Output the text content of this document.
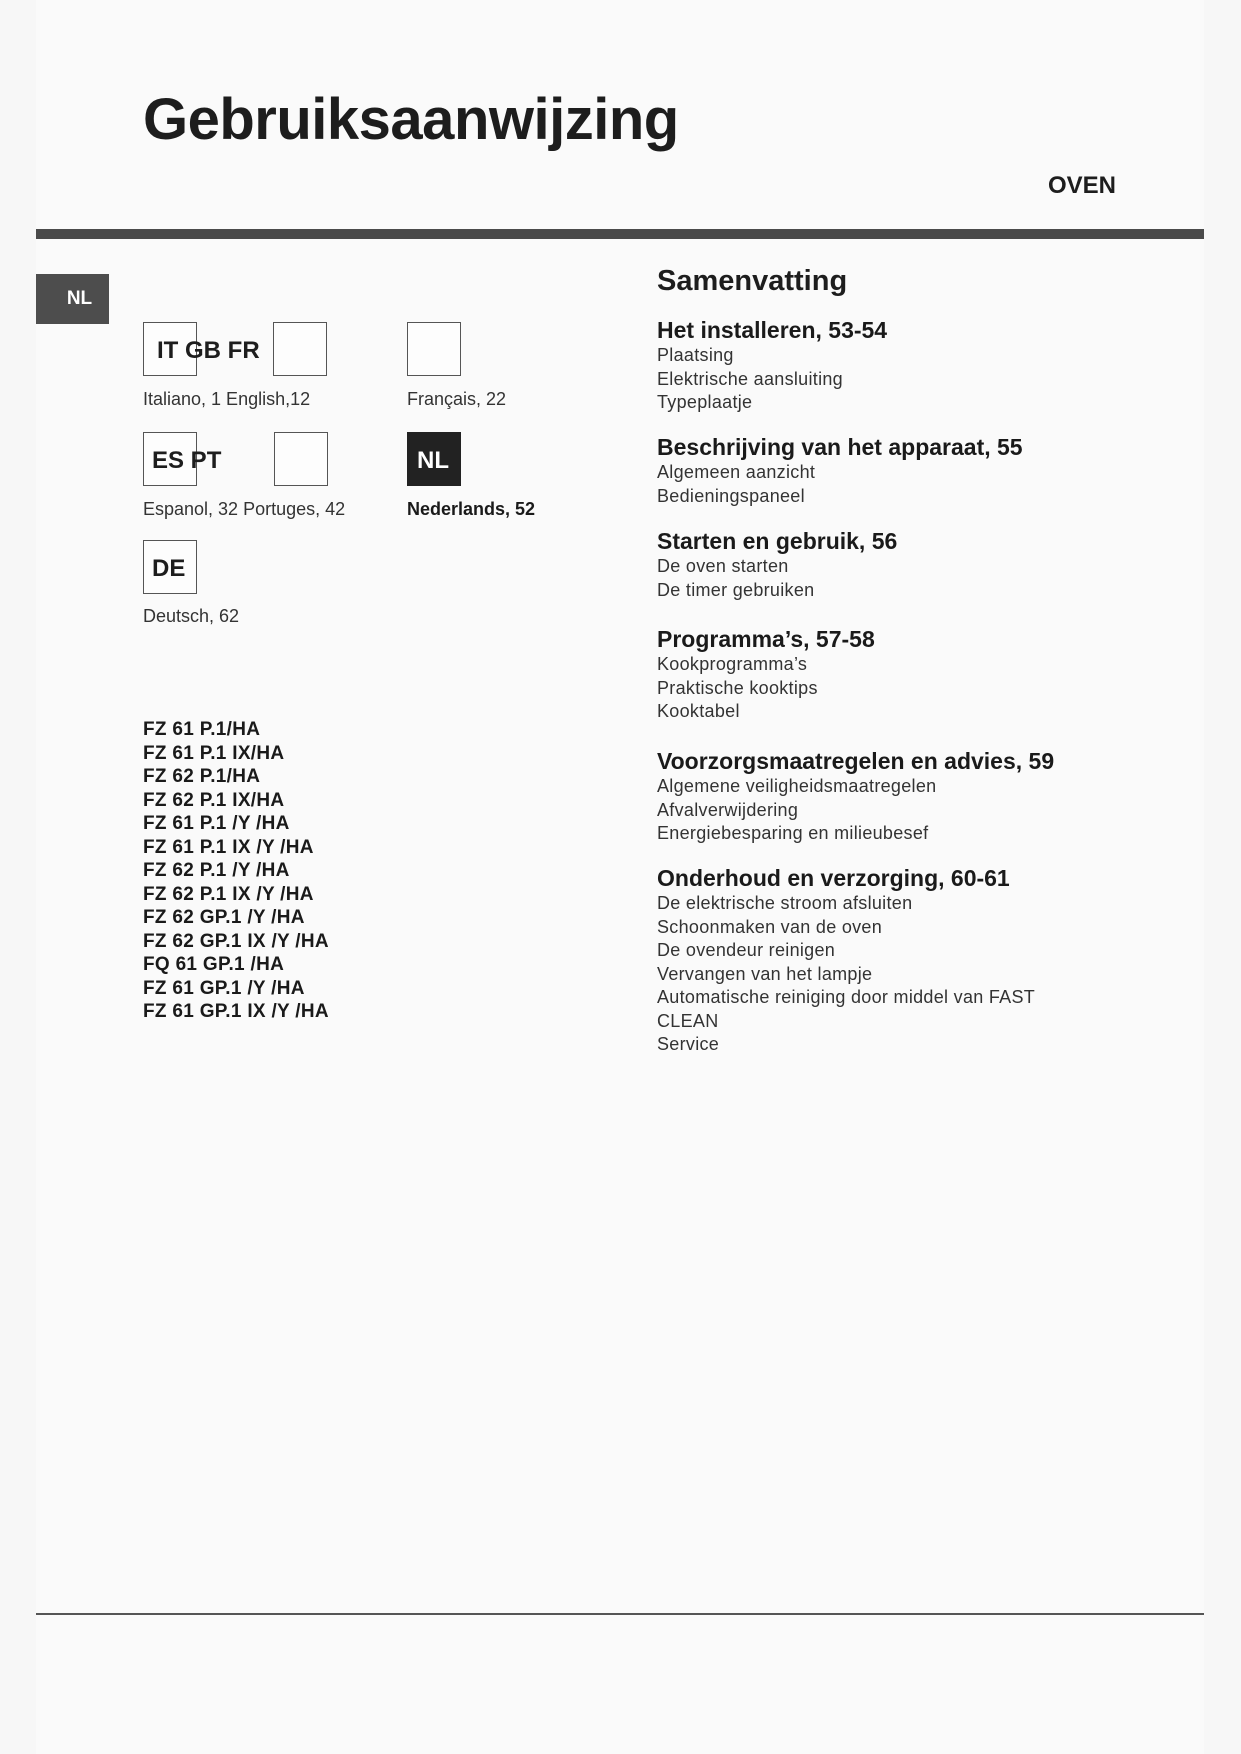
Gebruiksaanwijzing
OVEN
NL
IT GB FR
Italiano, 1 English,12	Français, 22
ES PT	NL
Espanol, 32 Portuges, 42	Nederlands, 52
DE
Deutsch, 62
FZ 61 P.1/HA
FZ 61 P.1 IX/HA
FZ 62 P.1/HA
FZ 62 P.1 IX/HA
FZ 61 P.1 /Y /HA
FZ 61 P.1 IX /Y /HA
FZ 62 P.1 /Y /HA
FZ 62 P.1 IX /Y /HA
FZ 62 GP.1 /Y /HA
FZ 62 GP.1 IX /Y /HA
FQ 61 GP.1 /HA
FZ 61 GP.1 /Y /HA
FZ 61 GP.1 IX /Y /HA
Samenvatting
Het installeren, 53-54
Plaatsing
Elektrische aansluiting
Typeplaatje
Beschrijving van het apparaat, 55
Algemeen aanzicht
Bedieningspaneel
Starten en gebruik, 56
De oven starten
De timer gebruiken
Programma’s, 57-58
Kookprogramma’s
Praktische kooktips
Kooktabel
Voorzorgsmaatregelen en advies, 59
Algemene veiligheidsmaatregelen
Afvalverwijdering
Energiebesparing en milieubesef
Onderhoud en verzorging, 60-61
De elektrische stroom afsluiten
Schoonmaken van de oven
De ovendeur reinigen
Vervangen van het lampje
Automatische reiniging door middel van FAST
CLEAN
Service
